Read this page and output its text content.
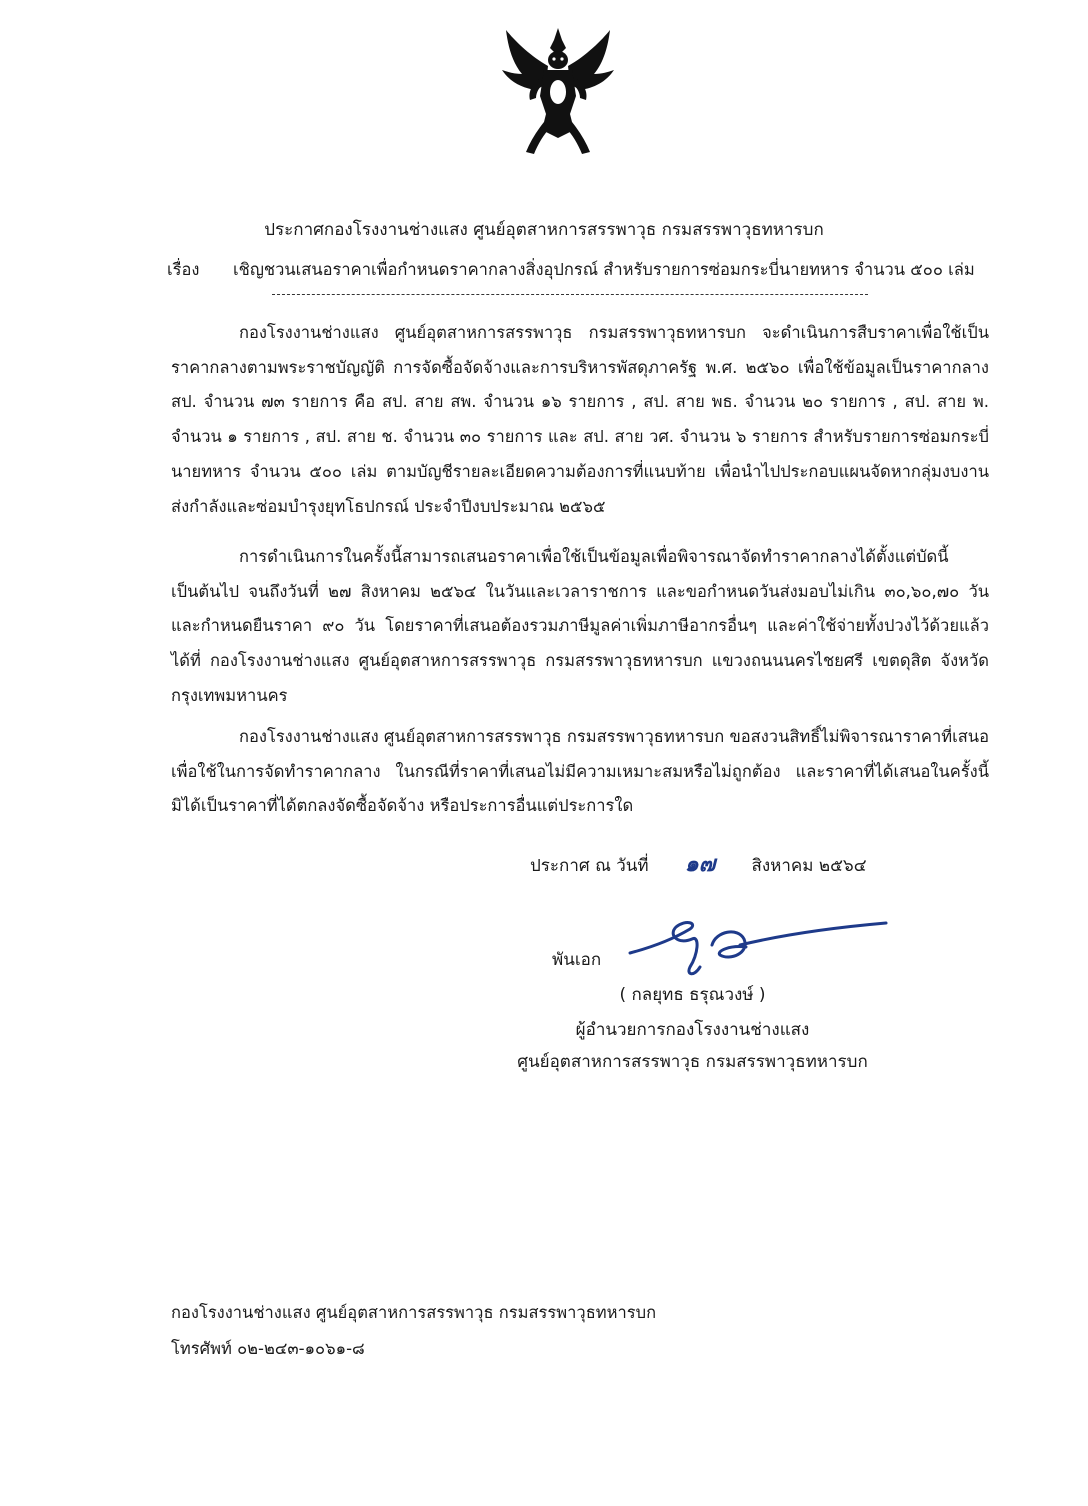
ประกาศกองโรงงานช่างแสง ศูนย์อุตสาหการสรรพาวุธ กรมสรรพาวุธทหารบก
เรื่อง เชิญชวนเสนอราคาเพื่อกำหนดราคากลางสิ่งอุปกรณ์ สำหรับรายการซ่อมกระบี่นายทหาร จำนวน ๕๐๐ เล่ม

กองโรงงานช่างแสง ศูนย์อุตสาหการสรรพาวุธ กรมสรรพาวุธทหารบก จะดำเนินการสืบราคาเพื่อใช้เป็นราคากลางตามพระราชบัญญัติ การจัดซื้อจัดจ้างและการบริหารพัสดุภาครัฐ พ.ศ. ๒๕๖๐ เพื่อใช้ข้อมูลเป็นราคากลาง สป. จำนวน ๗๓ รายการ คือ สป. สาย สพ. จำนวน ๑๖ รายการ , สป. สาย พธ. จำนวน ๒๐ รายการ , สป. สาย พ. จำนวน ๑ รายการ , สป. สาย ช. จำนวน ๓๐ รายการ และ สป. สาย วศ. จำนวน ๖ รายการ สำหรับรายการซ่อมกระบี่นายทหาร จำนวน ๕๐๐ เล่ม ตามบัญชีรายละเอียดความต้องการที่แนบท้าย เพื่อนำไปประกอบแผนจัดหากลุ่มงบงานส่งกำลังและซ่อมบำรุงยุทโธปกรณ์ ประจำปีงบประมาณ ๒๕๖๕

การดำเนินการในครั้งนี้สามารถเสนอราคาเพื่อใช้เป็นข้อมูลเพื่อพิจารณาจัดทำราคากลางได้ตั้งแต่บัดนี้เป็นต้นไป จนถึงวันที่ ๒๗ สิงหาคม ๒๕๖๔ ในวันและเวลาราชการ และขอกำหนดวันส่งมอบไม่เกิน ๓๐,๖๐,๗๐ วัน และกำหนดยืนราคา ๙๐ วัน โดยราคาที่เสนอต้องรวมภาษีมูลค่าเพิ่มภาษีอากรอื่นๆ และค่าใช้จ่ายทั้งปวงไว้ด้วยแล้วได้ที่ กองโรงงานช่างแสง ศูนย์อุตสาหการสรรพาวุธ กรมสรรพาวุธทหารบก แขวงถนนนครไชยศรี เขตดุสิต จังหวัดกรุงเทพมหานคร

กองโรงงานช่างแสง ศูนย์อุตสาหการสรรพาวุธ กรมสรรพาวุธทหารบก ขอสงวนสิทธิ์ไม่พิจารณาราคาที่เสนอเพื่อใช้ในการจัดทำราคากลาง ในกรณีที่ราคาที่เสนอไม่มีความเหมาะสมหรือไม่ถูกต้อง และราคาที่ได้เสนอในครั้งนี้ มิได้เป็นราคาที่ได้ตกลงจัดซื้อจัดจ้าง หรือประการอื่นแต่ประการใด

ประกาศ ณ วันที่ ๑๗ สิงหาคม ๒๕๖๔
พันเอก
( กลยุทธ ธรุณวงษ์ )
ผู้อำนวยการกองโรงงานช่างแสง
ศูนย์อุตสาหการสรรพาวุธ กรมสรรพาวุธทหารบก
กองโรงงานช่างแสง ศูนย์อุตสาหการสรรพาวุธ กรมสรรพาวุธทหารบก
โทรศัพท์ ๐๒-๒๔๓-๑๐๖๑-๘
